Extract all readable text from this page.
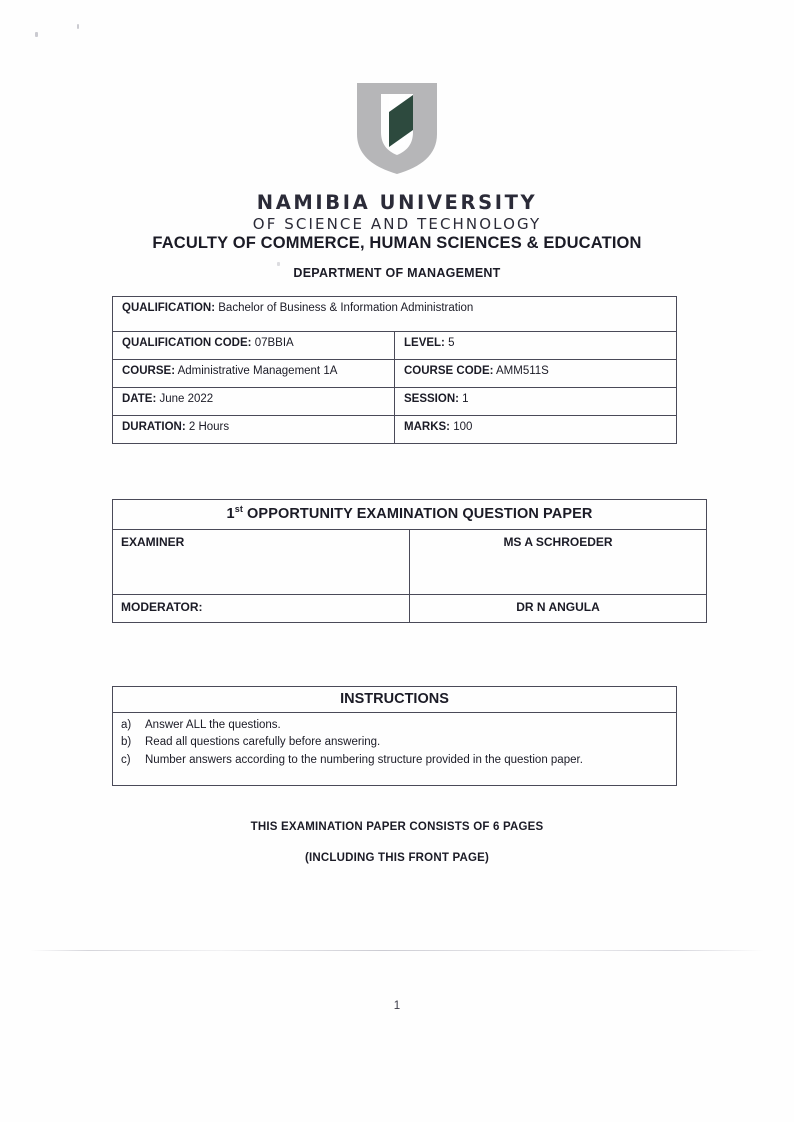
NAMIBIA UNIVERSITY
OF SCIENCE AND TECHNOLOGY
FACULTY OF COMMERCE, HUMAN SCIENCES & EDUCATION
DEPARTMENT OF MANAGEMENT
QUALIFICATION: Bachelor of Business & Information Administration	
QUALIFICATION CODE: 07BBIA	LEVEL: 5
COURSE: Administrative Management 1A	COURSE CODE: AMM511S
DATE: June 2022	SESSION: 1
DURATION: 2 Hours	MARKS: 100
1st OPPORTUNITY EXAMINATION QUESTION PAPER	
EXAMINER	MS A SCHROEDER
MODERATOR:	DR N ANGULA
INSTRUCTIONS

a) Answer ALL the questions.
b) Read all questions carefully before answering.
c) Number answers according to the numbering structure provided in the question paper.
THIS EXAMINATION PAPER CONSISTS OF 6 PAGES
(INCLUDING THIS FRONT PAGE)
1
